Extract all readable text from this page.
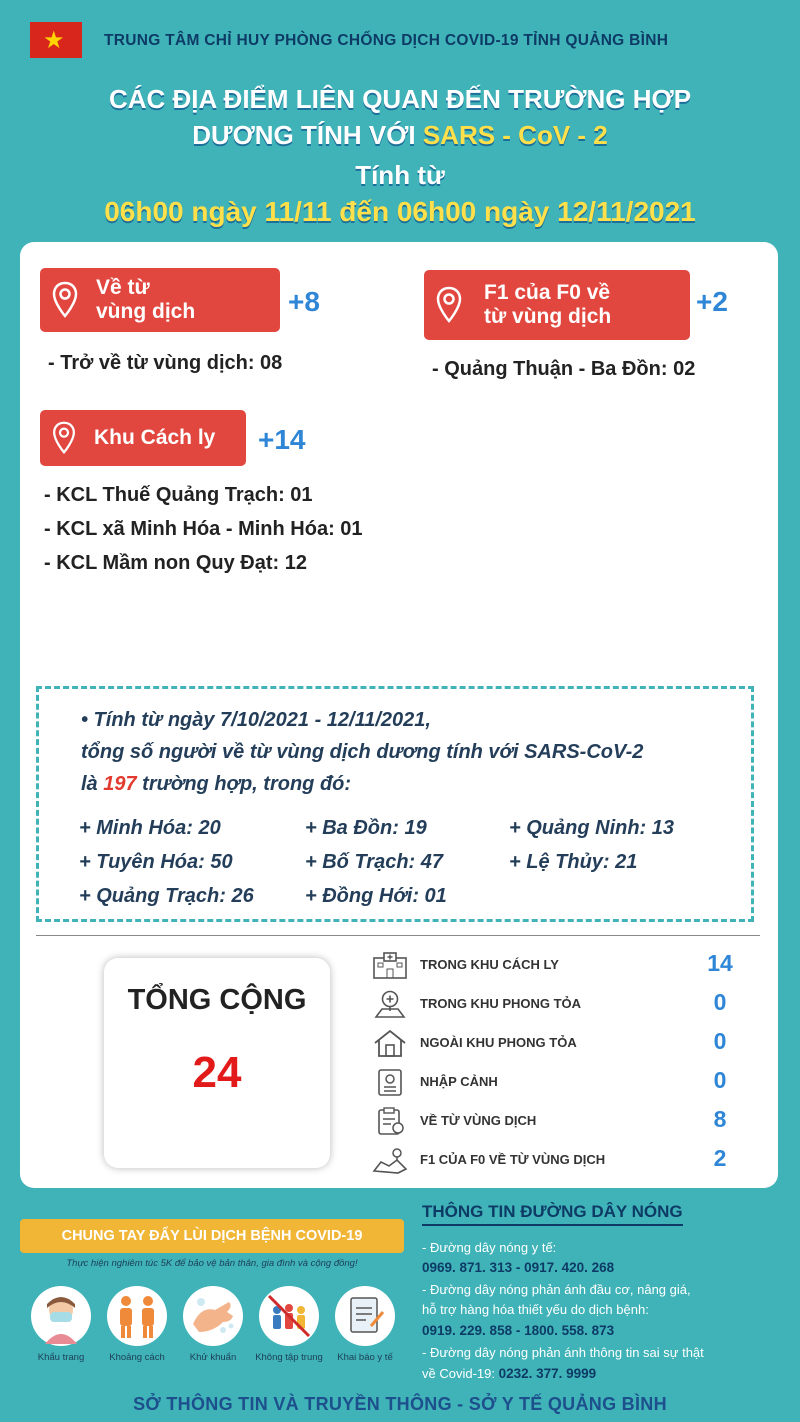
★	TRUNG TÂM CHỈ HUY PHÒNG CHỐNG DỊCH COVID-19 TỈNH QUẢNG BÌNH
CÁC ĐỊA ĐIỂM LIÊN QUAN ĐẾN TRƯỜNG HỢP
DƯƠNG TÍNH VỚI SARS - CoV - 2
Tính từ
06h00 ngày 11/11 đến 06h00 ngày 12/11/2021
Về từ
vùng dịch	+8
- Trở về từ vùng dịch: 08
F1 của F0 về
từ vùng dịch	+2
- Quảng Thuận - Ba Đồn: 02
Khu Cách ly +14
- KCL Thuế Quảng Trạch: 01
- KCL xã Minh Hóa - Minh Hóa: 01
- KCL Mầm non Quy Đạt: 12
• Tính từ ngày 7/10/2021 - 12/11/2021,
tổng số người về từ vùng dịch dương tính với SARS-CoV-2
là 197 trường hợp, trong đó:
+ Minh Hóa: 20	+ Ba Đồn: 19	+ Quảng Ninh: 13
+ Tuyên Hóa: 50	+ Bố Trạch: 47	+ Lệ Thủy: 21
+ Quảng Trạch: 26	+ Đồng Hới: 01
TỔNG CỘNG
24
TRONG KHU CÁCH LY	14
TRONG KHU PHONG TỎA	0
NGOÀI KHU PHONG TỎA	0
NHẬP CẢNH	0
VỀ TỪ VÙNG DỊCH	8
F1 CỦA F0 VỀ TỪ VÙNG DỊCH	2
CHUNG TAY ĐẨY LÙI DỊCH BỆNH COVID-19
Thực hiện nghiêm túc 5K để bảo vệ bản thân, gia đình và cộng đồng!
Khẩu trang	Khoảng cách	Khử khuẩn	Không tập trung	Khai báo y tế
THÔNG TIN ĐƯỜNG DÂY NÓNG
- Đường dây nóng y tế:
0969. 871. 313 - 0917. 420. 268
- Đường dây nóng phản ánh đầu cơ, nâng giá,
hỗ trợ hàng hóa thiết yếu do dịch bệnh:
0919. 229. 858 - 1800. 558. 873
- Đường dây nóng phản ánh thông tin sai sự thật
về Covid-19: 0232. 377. 9999
SỞ THÔNG TIN VÀ TRUYỀN THÔNG - SỞ Y TẾ QUẢNG BÌNH
